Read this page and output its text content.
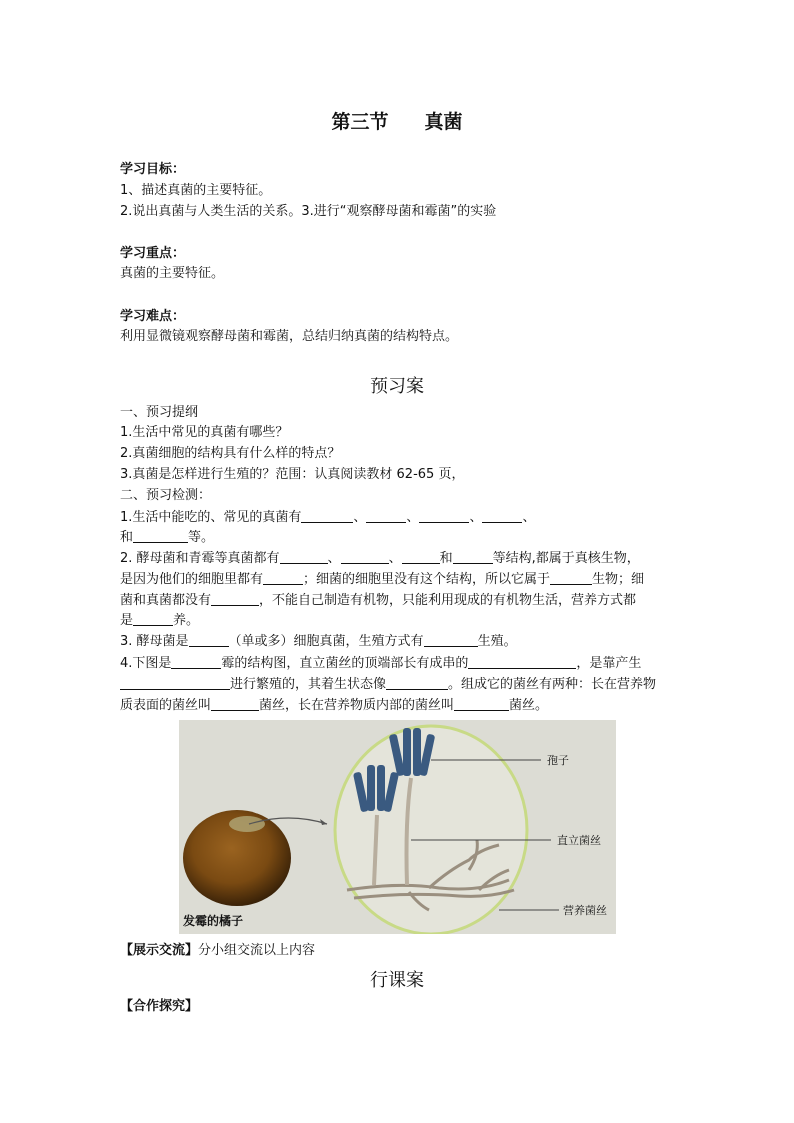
第三节 真菌
学习目标：
1、描述真菌的主要特征。
2.说出真菌与人类生活的关系。3.进行“观察酵母菌和霉菌”的实验
学习重点：
真菌的主要特征。
学习难点：
利用显微镜观察酵母菌和霉菌，总结归纳真菌的结构特点。
预习案
一、预习提纲
1.生活中常见的真菌有哪些？
2.真菌细胞的结构具有什么样的特点？
3.真菌是怎样进行生殖的？范围：认真阅读教材 62-65 页，
二、预习检测：
1.生活中能吃的、常见的真菌有	、	、	、	、
和	等。
2. 酵母菌和青霉等真菌都有	、	、	和	等结构,都属于真核生物，
是因为他们的细胞里都有	；细菌的细胞里没有这个结构，所以它属于	生物；细
菌和真菌都没有	，不能自己制造有机物，只能利用现成的有机物生活，营养方式都
是	养。
3. 酵母菌是	（单或多）细胞真菌，生殖方式有	生殖。
4.下图是	霉的结构图，直立菌丝的顶端部长有成串的	，是靠产生
进行繁殖的，其着生状态像	。组成它的菌丝有两种：长在营养物
质表面的菌丝叫	菌丝，长在营养物质内部的菌丝叫	菌丝。
孢子
直立菌丝
营养菌丝
发霉的橘子
【展示交流】分小组交流以上内容
行课案
【合作探究】
